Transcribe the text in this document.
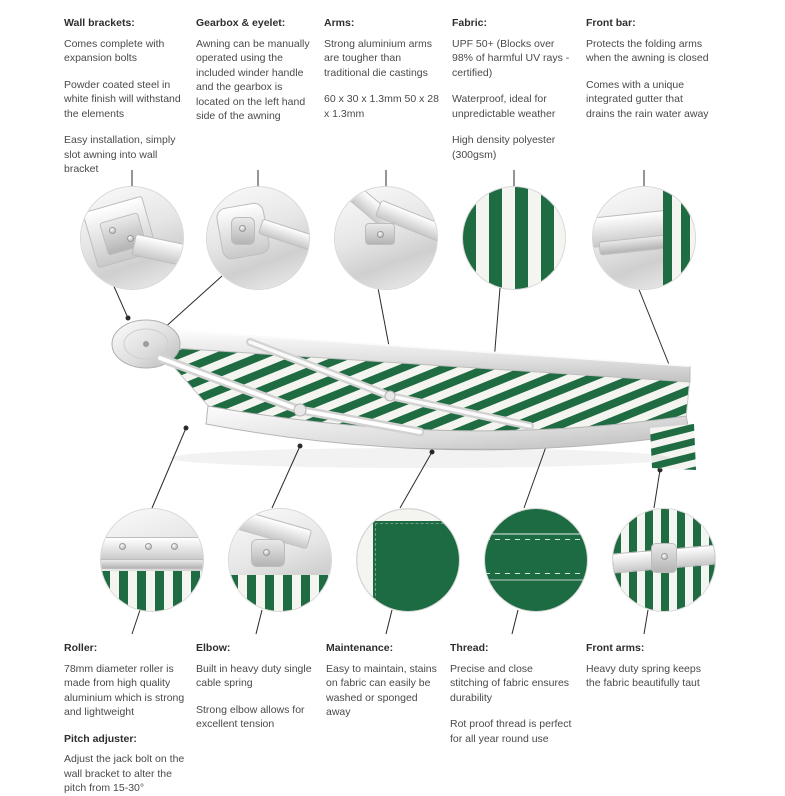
Wall brackets:

Comes complete with expansion bolts

Powder coated steel in white finish will withstand the elements

Easy installation, simply slot awning into wall bracket

Gearbox & eyelet:

Awning can be manually operated using the included winder handle and the gearbox is located on the left hand side of the awning

Arms:

Strong aluminium arms are tougher than traditional die castings

60 x 30 x 1.3mm 50 x 28 x 1.3mm

Fabric:

UPF 50+ (Blocks over 98% of harmful UV rays - certified)

Waterproof, ideal for unpredictable weather

High density polyester (300gsm)

Front bar:

Protects the folding arms when the awning is closed

Comes with a unique integrated gutter that drains the rain water away

Roller:

78mm diameter roller is made from high quality aluminium which is strong and lightweight

Pitch adjuster:

Adjust the jack bolt on the wall bracket to alter the pitch from 15-30°

Elbow:

Built in heavy duty single cable spring

Strong elbow allows for excellent tension

Maintenance:

Easy to maintain, stains on fabric can easily be washed or sponged away

Thread:

Precise and close stitching of fabric ensures durability

Rot proof thread is perfect for all year round use

Front arms:

Heavy duty spring keeps the fabric beautifully taut
